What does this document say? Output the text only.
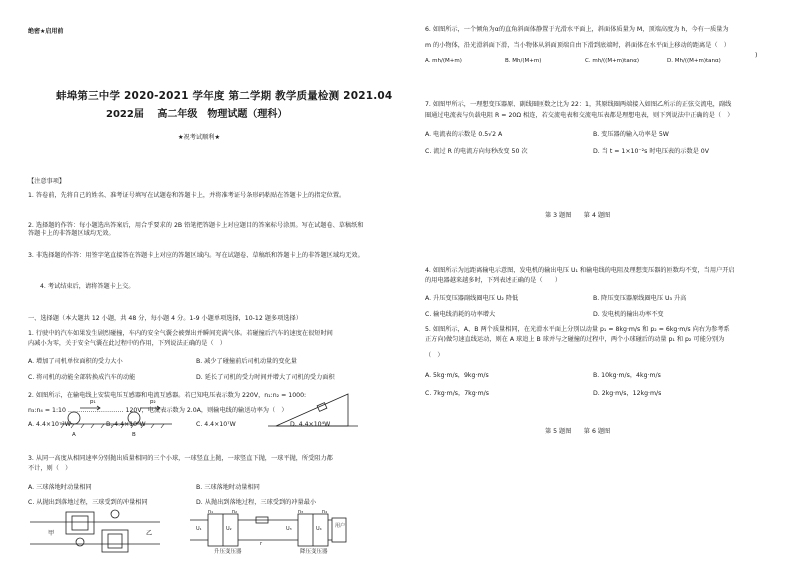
绝密★启用前
蚌埠第三中学 2020-2021 学年度 第二学期 教学质量检测 2021.04
2022届 　高二年级　物理试题（理科）
★祝考试顺利★
【注意事项】
1. 答卷前，先将自己的姓名、准考证号填写在试题卷和答题卡上，并将准考证号条形码粘贴在答题卡上的指定位置。
2. 选择题的作答：每小题选出答案后，用合乎要求的 2B 铅笔把答题卡上对应题目的答案标号涂黑。写在试题卷、草稿纸和答题卡上的非答题区域均无效。
3. 非选择题的作答：用签字笔直接答在答题卡上对应的答题区域内。写在试题卷、草稿纸和答题卡上的非答题区域均无效。
4. 考试结束后，请将答题卡上交。
一、选择题（本大题共 12 小题，共 48 分，每小题 4 分。1-9 小题单项选择，10-12 题多项选择）
1. 行驶中的汽车如果发生剧烈碰撞，车内的安全气囊会被弹出并瞬间充满气体。若碰撞后汽车的速度在很短时间
内减小为零，关于安全气囊在此过程中的作用，下列说法正确的是（　）
A. 增加了司机单位面积的受力大小	B. 减少了碰撞前后司机动量的变化量
C. 将司机的动能全部转换成汽车的动能	D. 延长了司机的受力时间并增大了司机的受力面积
2. 如图所示，在输电线上安装电压互感器和电流互感器。若已知电压表示数为 220V，n₁:n₂ = 1000:
n₃:n₄ = 1:10 ……………………… 120V，电流表示数为 2.0A，则输电线的输送功率为（　）
p₁	p₂
A	B
A. 4.4×10⁻²W	B. 4.4×10⁸W	C. 4.4×10⁷W	D. 4.4×10⁴W
3. 从同一高度从相同速率分别抛出质量相同的三个小球，一球竖直上抛，一球竖直下抛，一球平抛，所受阻力都
不计，则（　）
A. 三球落地时动量相同	B. 三球落地时动量相同
C. 从抛出到落地过程，三球受到的冲量相同	D. 从抛出到落地过程，三球受到的冲量最小
甲	乙
升压变压器	降压变压器
U₁	U₂	U₃	U₄
r
n₁	n₂	n₃	n₄
用户
6. 如图所示，一个倾角为α的直角斜面体静置于光滑水平面上，斜面体质量为 M，顶端高度为 h，今有一质量为
m 的小物体，沿光滑斜面下滑，当小物体从斜面顶端自由下滑到底端时，斜面体在水平面上移动的距离是（　）
A. mh/(M+m)	B. Mh/(M+m)	C. mh/((M+m)tanα)	D. Mh/((M+m)tanα)
)
7. 如图甲所示，一理想变压器原、副线圈匝数之比为 22：1，其原线圈两端接入如图乙所示的正弦交流电，副线
圈通过电流表与负载电阻 R = 20Ω 相连，若交流电表和交流电压表都是理想电表，则下列说法中正确的是（　）
A. 电流表的示数是 0.5√2 A	B. 变压器的输入功率是 5W
C. 流过 R 的电流方向每秒改变 50 次	D. 当 t = 1×10⁻²s 时电压表的示数是 0V
第 3 题图　　第 4 题图
4. 如图所示为远距离输电示意图，发电机的输出电压 U₁ 和输电线的电阻及理想变压器的匝数均不变，当用户开启
的用电器越来越多时，下列表述正确的是（　　）
A. 升压变压器副线圈电压 U₂ 降低	B. 降压变压器原线圈电压 U₃ 升高
C. 输电线消耗的功率增大	D. 发电机的输出功率不变
5. 如图所示，A、B 两个质量相同，在光滑水平面上分别以动量 p₁ = 8kg·m/s 和 p₂ = 6kg·m/s 向右为参考系
正方向)做匀速直线运动，则在 A 球追上 B 球并与之碰撞的过程中，两个小球碰后的动量 p₁ 和 p₂ 可能分别为
（　）
A. 5kg·m/s，9kg·m/s	B. 10kg·m/s，4kg·m/s
C. 7kg·m/s，7kg·m/s	D. 2kg·m/s，12kg·m/s
第 5 题图　　第 6 题图
